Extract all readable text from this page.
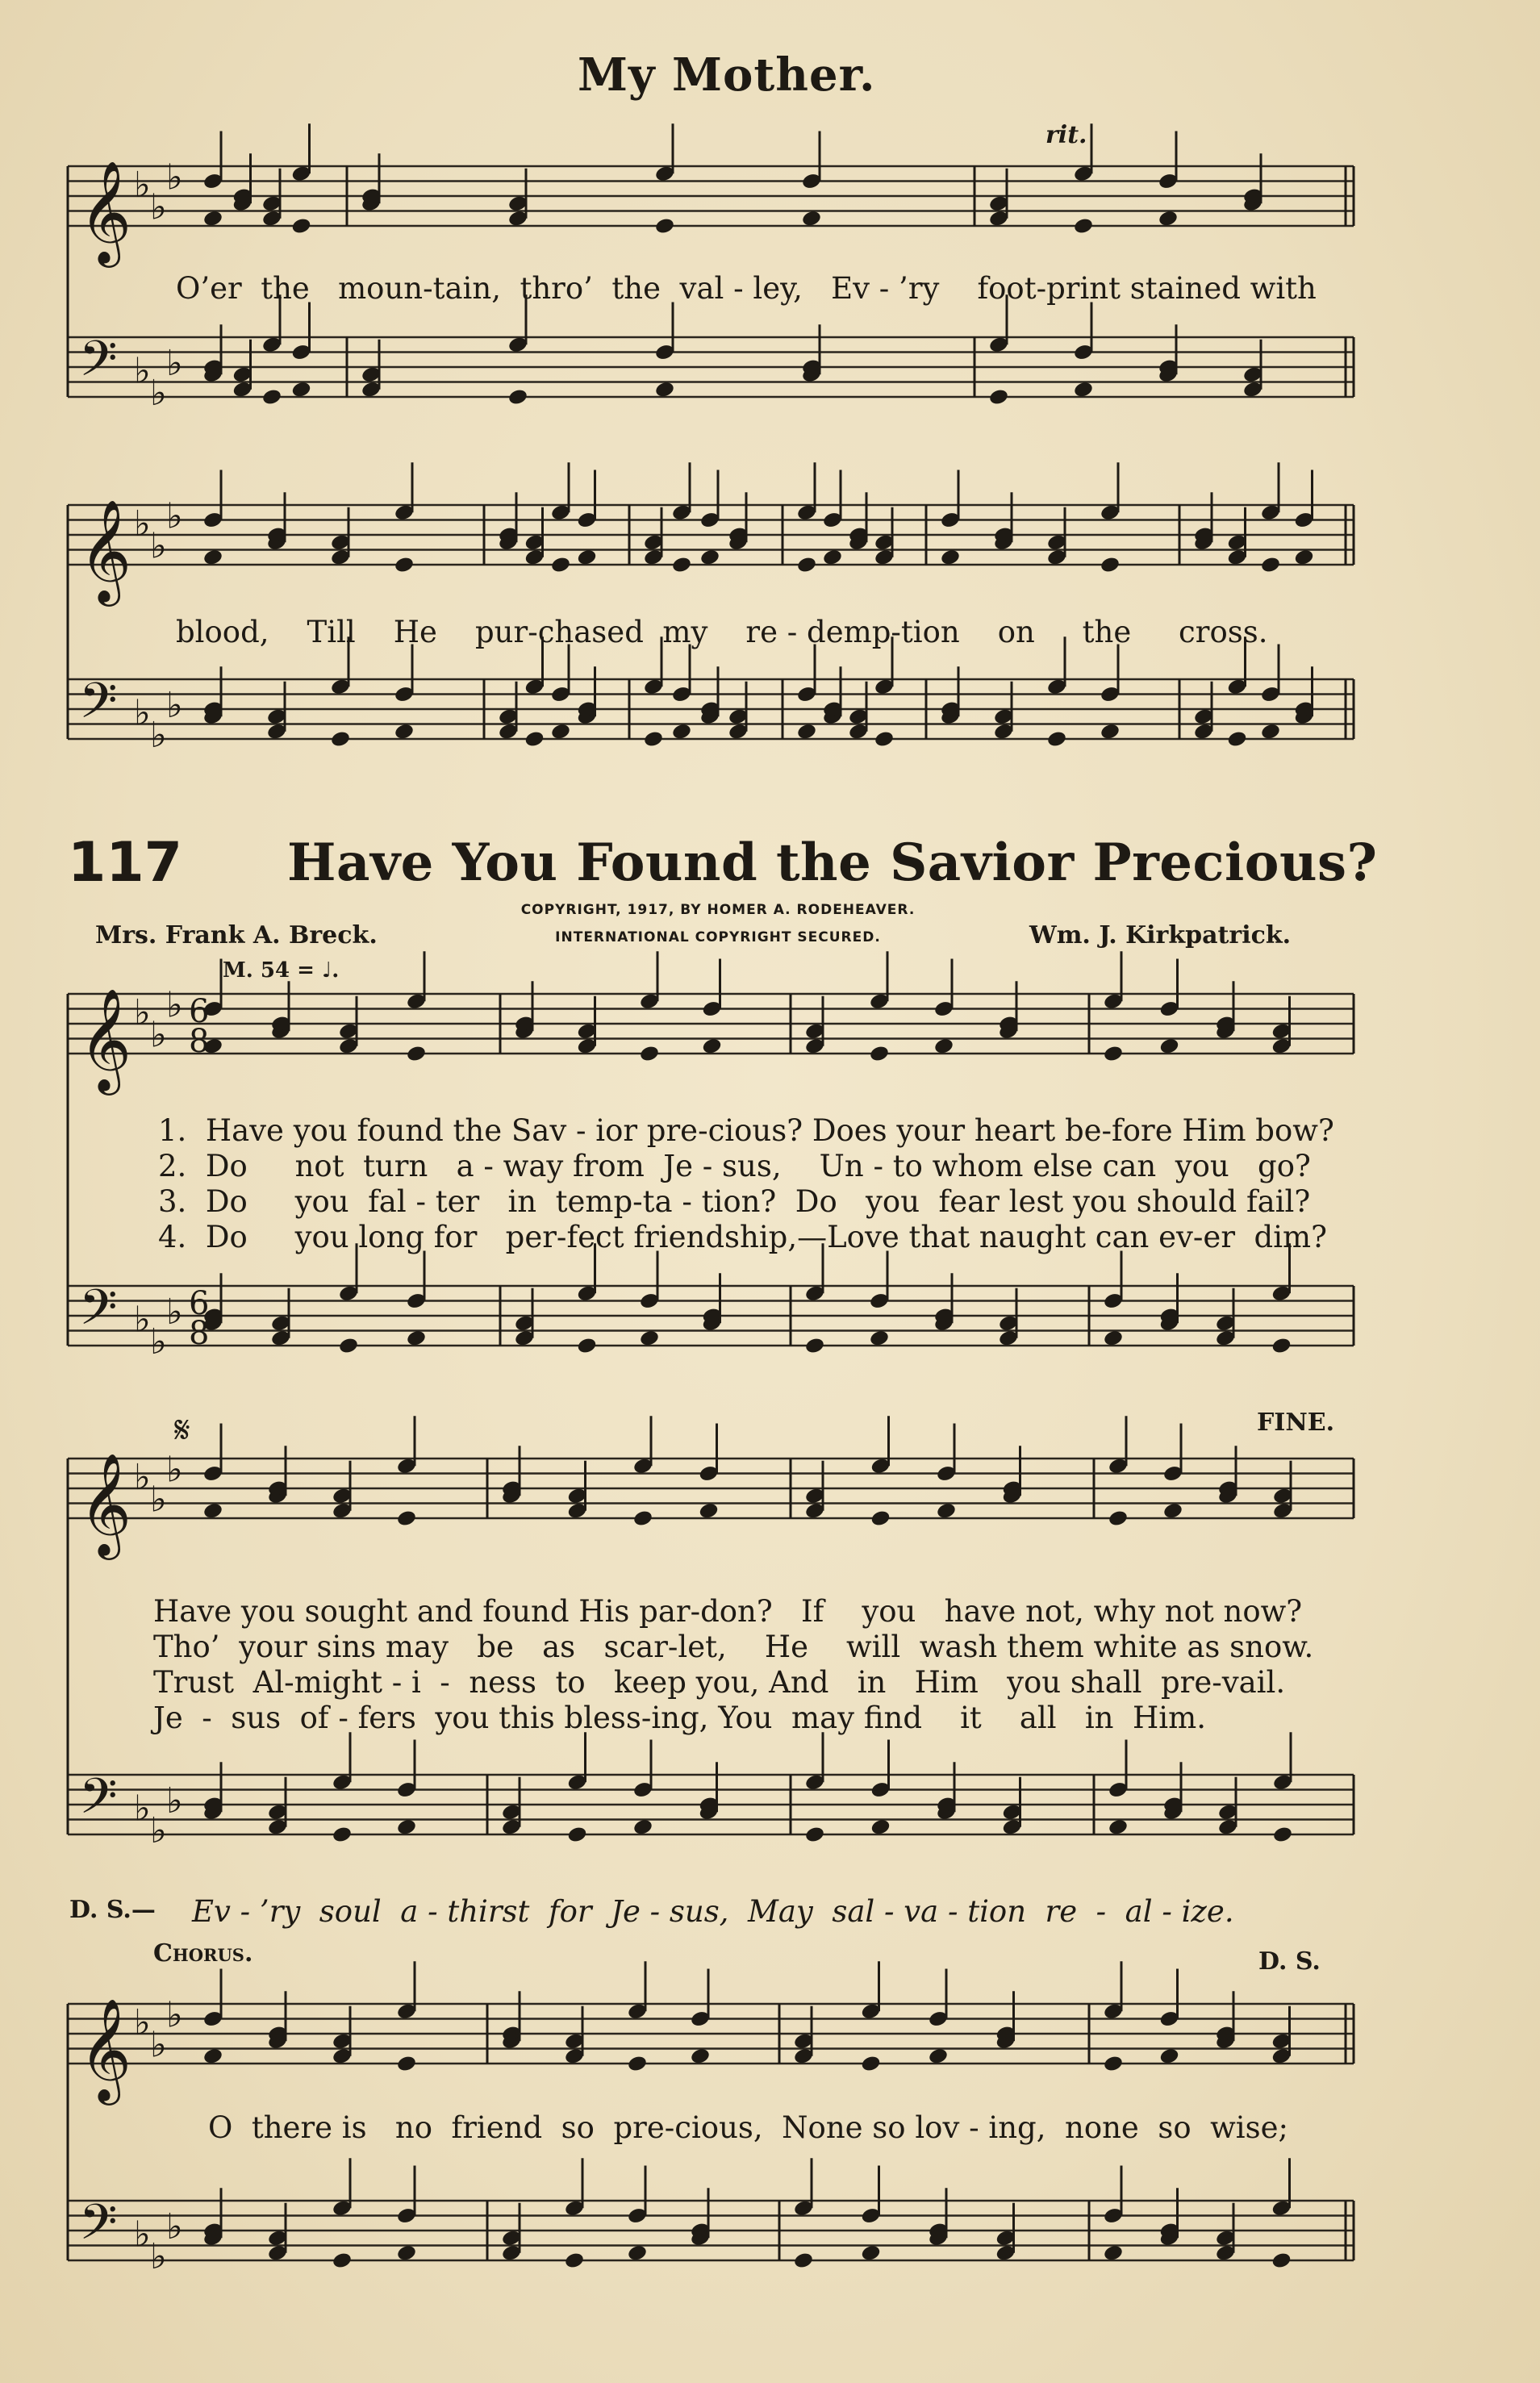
𝄞 ♭
♭
♭
𝄢 ♭
♭
♭
𝄞 ♭
♭
♭
𝄢 ♭
♭
♭
𝄞 ♭
♭
♭
𝄢 ♭
♭
♭
𝄞 ♭
♭
♭
𝄢 ♭
♭
♭
𝄞 ♭
♭
♭
𝄢 ♭
♭
♭
6
8
6
8
𝄋
My Mother.
rit.
O’er  the   moun-tain,  thro’  the  val - ley,   Ev - ’ry    foot-print stained with
blood,    Till    He    pur-chased  my    re - demp-tion    on     the     cross.
117 Have You Found the Savior Precious?
Mrs. Frank A. Breck.
COPYRIGHT, 1917, BY HOMER A. RODEHEAVER.
INTERNATIONAL COPYRIGHT SECURED.	Wm. J. Kirkpatrick.
M. 54 = ♩.
1.  Have you found the Sav - ior pre-cious? Does your heart be-fore Him bow?
2.  Do     not  turn   a - way from  Je - sus,    Un - to whom else can  you   go?
3.  Do     you  fal - ter   in  temp-ta - tion?  Do   you  fear lest you should fail?
4.  Do     you long for   per-fect friendship,—Love that naught can ev-er  dim?
FINE.
Have you sought and found His par-don?   If    you   have not, why not now?
Tho’  your sins may   be   as   scar-let,    He    will  wash them white as snow.
Trust  Al-might - i  -  ness  to   keep you, And   in   Him   you shall  pre-vail.
Je  -  sus  of - fers  you this bless-ing, You  may find    it    all   in  Him.
D. S.— Ev - ’ry  soul  a - thirst  for  Je - sus,  May  sal - va - tion  re  -  al - ize.
Chorus.	D. S.
O  there is   no  friend  so  pre-cious,  None so lov - ing,  none  so  wise;
